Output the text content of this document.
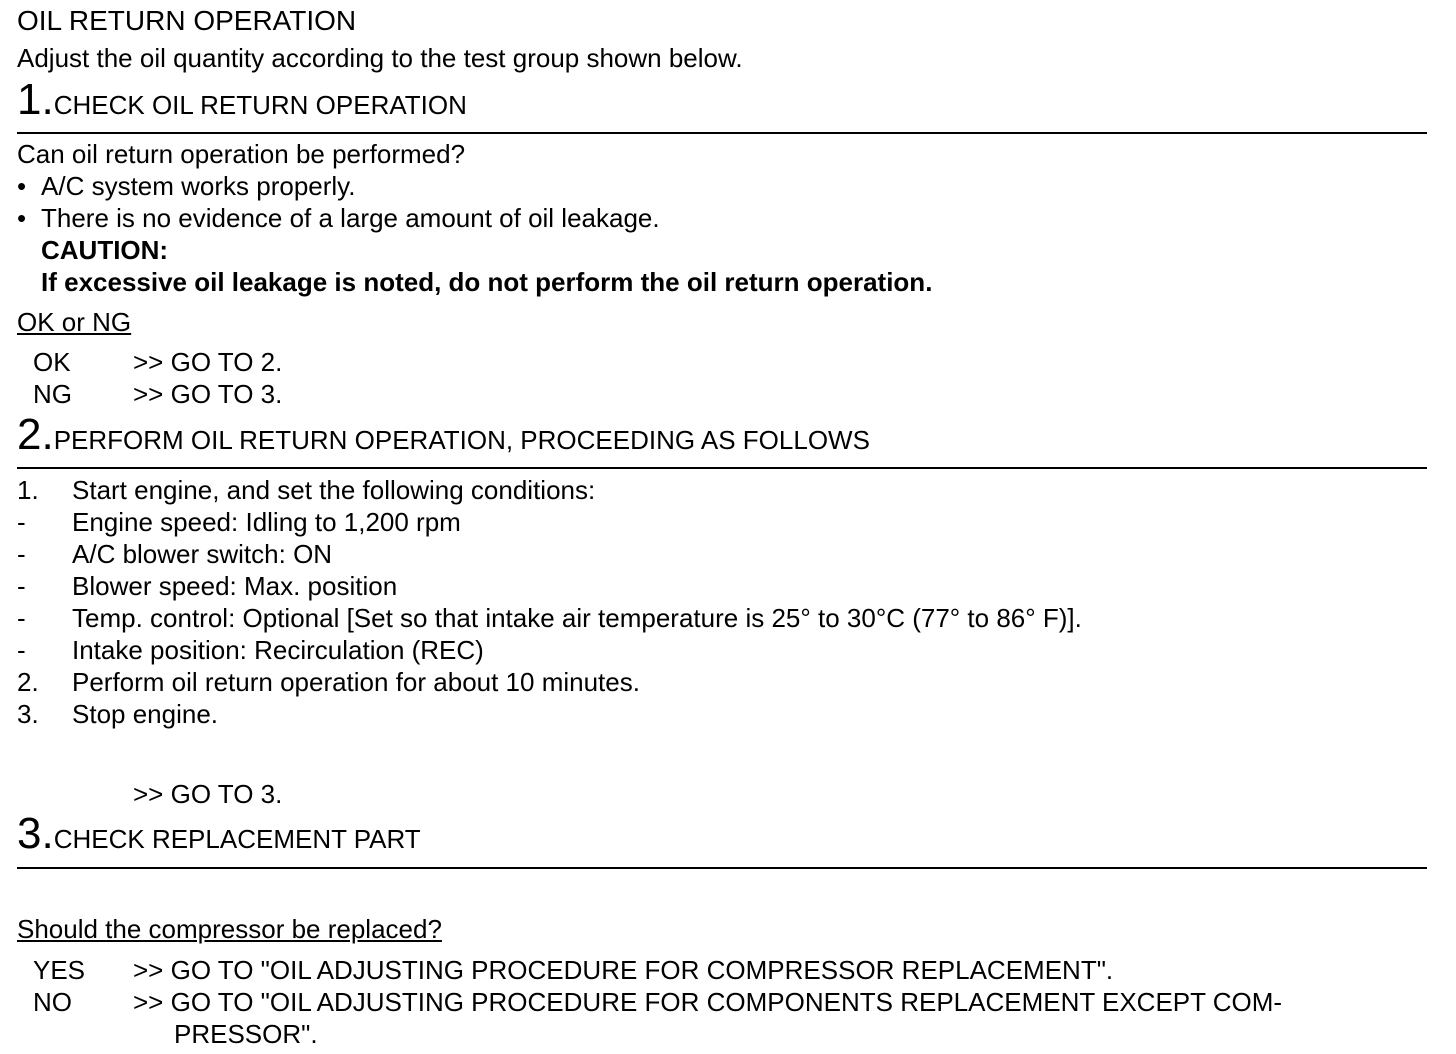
OIL RETURN OPERATION
Adjust the oil quantity according to the test group shown below.
1.CHECK OIL RETURN OPERATION
Can oil return operation be performed?
• A/C system works properly.
• There is no evidence of a large amount of oil leakage.
CAUTION:
If excessive oil leakage is noted, do not perform the oil return operation.
OK or NG
OK >> GO TO 2.
NG >> GO TO 3.
2.PERFORM OIL RETURN OPERATION, PROCEEDING AS FOLLOWS
1.	Start engine, and set the following conditions:
-	Engine speed: Idling to 1,200 rpm
-	A/C blower switch: ON
-	Blower speed: Max. position
-	Temp. control: Optional [Set so that intake air temperature is 25° to 30°C (77° to 86° F)].
-	Intake position: Recirculation (REC)
2.	Perform oil return operation for about 10 minutes.
3.	Stop engine.
>> GO TO 3.
3.CHECK REPLACEMENT PART
Should the compressor be replaced?
YES >> GO TO "OIL ADJUSTING PROCEDURE FOR COMPRESSOR REPLACEMENT".
NO >> GO TO "OIL ADJUSTING PROCEDURE FOR COMPONENTS REPLACEMENT EXCEPT COM-
PRESSOR".
